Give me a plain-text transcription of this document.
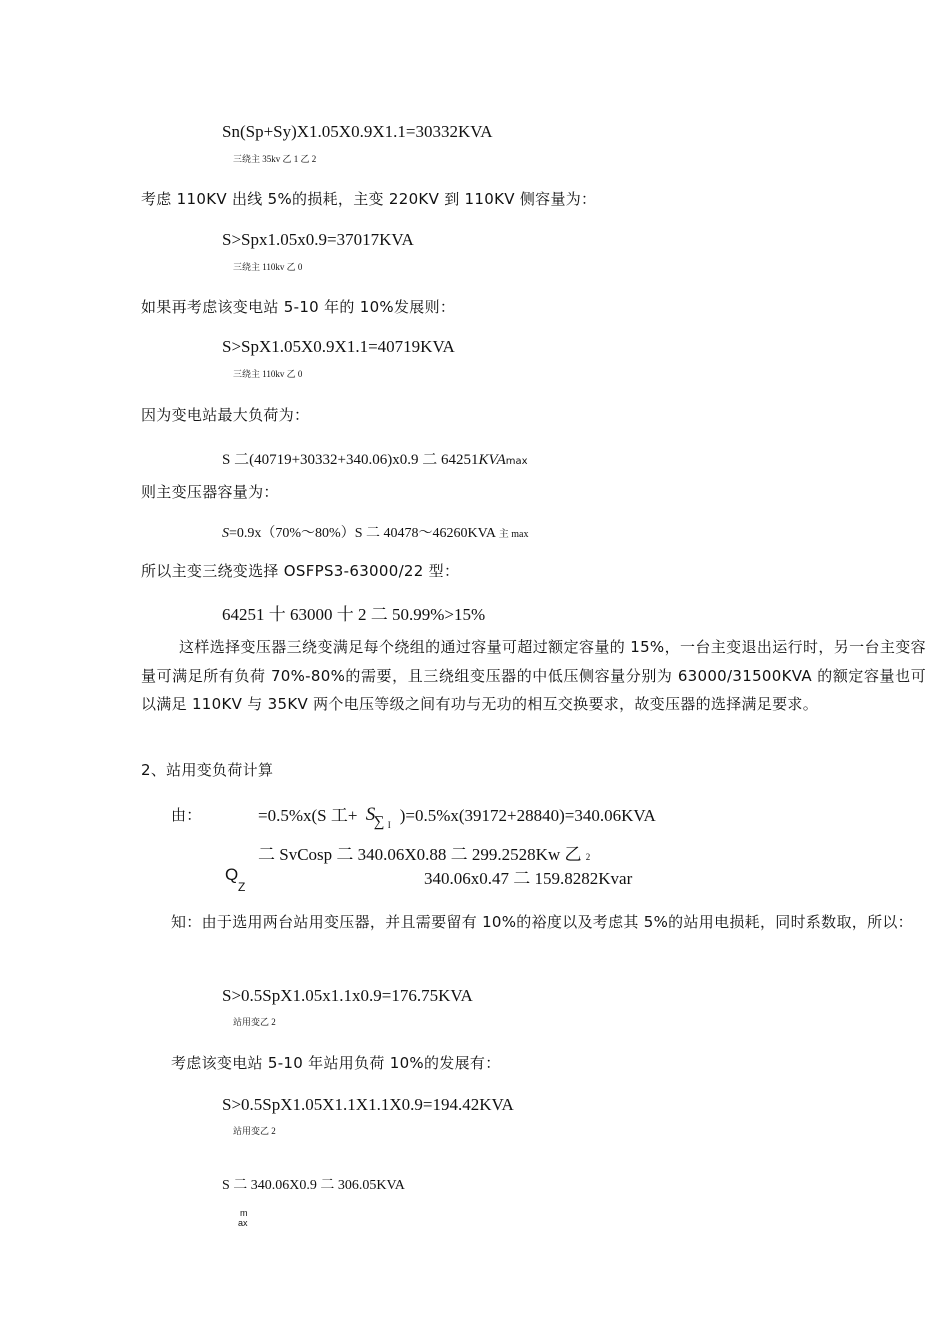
Sn(Sp+Sy)X1.05X0.9X1.1=30332KVA
三绕主 35kv 乙 1 乙 2
考虑 110KV 出线 5%的损耗，主变 220KV 到 110KV 侧容量为：
S>Spx1.05x0.9=37017KVA
三绕主 110kv 乙 0
如果再考虑该变电站 5-10 年的 10%发展则：
S>SpX1.05X0.9X1.1=40719KVA
三绕主 110kv 乙 0
因为变电站最大负荷为：
S 二(40719+30332+340.06)x0.9 二 64251KVAmax
则主变压器容量为：
S=0.9x（70%〜80%）S 二 40478〜46260KVA 主 max
所以主变三绕变选择 OSFPS3-63000/22 型：
64251 十 63000 十 2 二 50.99%>15%
这样选择变压器三绕变满足每个绕组的通过容量可超过额定容量的 15%，一台主变退出运行时，另一台主变容量可满足所有负荷 70%-80%的需要，且三绕组变压器的中低压侧容量分别为 63000/31500KVA 的额定容量也可以满足 110KV 与 35KV 两个电压等级之间有功与无功的相互交换要求，故变压器的选择满足要求。
2、站用变负荷计算
由：	=0.5%x(S 工+ S
∑ I )=0.5%x(39172+28840)=340.06KVA
二 SvCosp 二 340.06X0.88 二 299.2528Kw 乙 2
Q
Z	340.06x0.47 二 159.8282Kvar
知：由于选用两台站用变压器，并且需要留有 10%的裕度以及考虑其 5%的站用电损耗，同时系数取，所以：
S>0.5SpX1.05x1.1x0.9=176.75KVA
站用变乙 2
考虑该变电站 5-10 年站用负荷 10%的发展有：
S>0.5SpX1.05X1.1X1.1X0.9=194.42KVA
站用变乙 2
S 二 340.06X0.9 二 306.05KVA
m
ax
